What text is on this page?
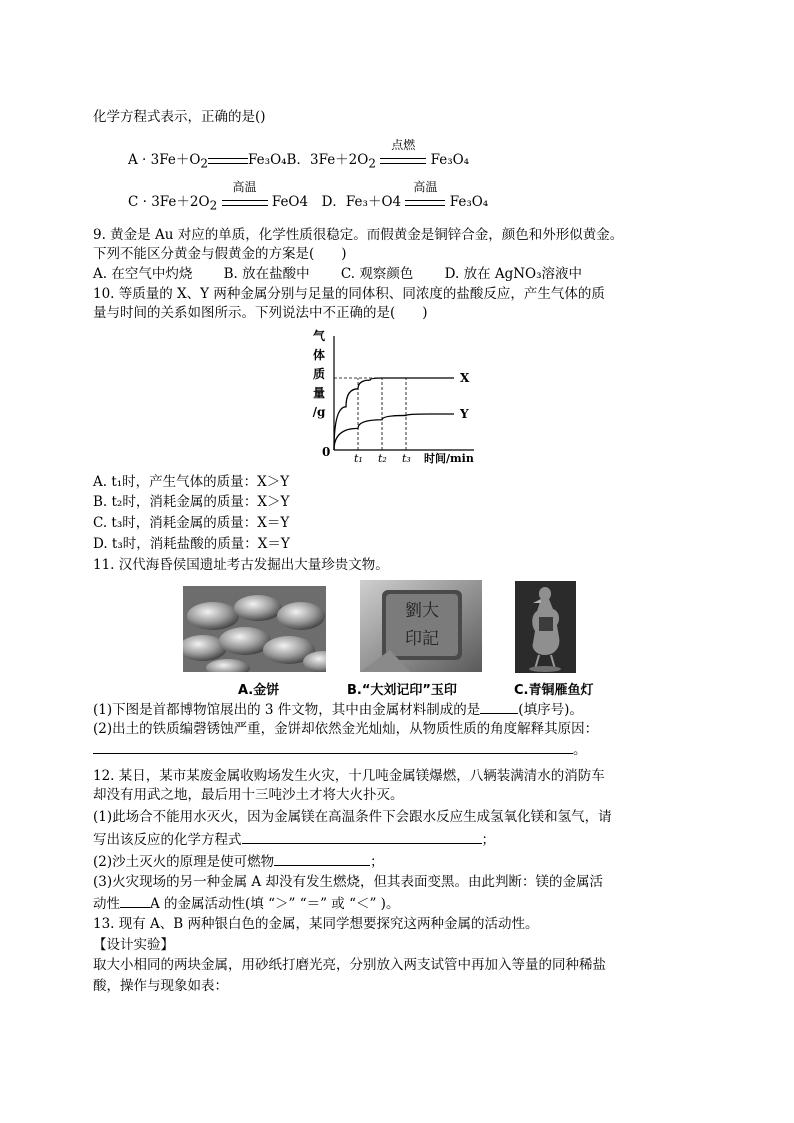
化学方程式表示，正确的是()
$A \cdot 3Fe+O_2$	Fe₃O₄B．$3Fe+2O_2$
点燃
Fe₃O₄
$C \cdot 3Fe+2O_2$
高温
FeO4　D．Fe₃＋O4
高温
Fe₃O₄
9. 黄金是 Au 对应的单质，化学性质很稳定。而假黄金是铜锌合金，颜色和外形似黄金。
下列不能区分黄金与假黄金的方案是(　　)
A. 在空气中灼烧　　 B. 放在盐酸中　　 C. 观察颜色　　 D. 放在 AgNO₃溶液中
10. 等质量的 X、Y 两种金属分别与足量的同体积、同浓度的盐酸反应，产生气体的质
量与时间的关系如图所示。下列说法中不正确的是(　　)
气
体
质
量
/g
0	时间/min
t₁ t₂ t₃
X
Y
A. t₁时，产生气体的质量：X＞Y
B. t₂时，消耗金属的质量：X＞Y
C. t₃时，消耗金属的质量：X＝Y
D. t₃时，消耗盐酸的质量：X＝Y
11. 汉代海昏侯国遗址考古发掘出大量珍贵文物。
劉大
印記
A.金饼	B.“大刘记印”玉印	C.青铜雁鱼灯
(1)下图是首都博物馆展出的 3 件文物，其中由金属材料制成的是	(填序号)。
(2)出土的铁质编磬锈蚀严重，金饼却依然金光灿灿，从物质性质的角度解释其原因：
。
12. 某日，某市某废金属收购场发生火灾，十几吨金属镁爆燃，八辆装满清水的消防车
却没有用武之地，最后用十三吨沙土才将大火扑灭。
(1)此场合不能用水灭火，因为金属镁在高温条件下会跟水反应生成氢氧化镁和氢气，请
写出该反应的化学方程式	；
(2)沙土灭火的原理是使可燃物	；
(3)火灾现场的另一种金属 A 却没有发生燃烧，但其表面变黑。由此判断：镁的金属活
动性 A 的金属活动性(填 “＞” “＝” 或 “＜” )。
13. 现有 A、B 两种银白色的金属，某同学想要探究这两种金属的活动性。
【设计实验】
取大小相同的两块金属，用砂纸打磨光亮，分别放入两支试管中再加入等量的同种稀盐
酸，操作与现象如表：
